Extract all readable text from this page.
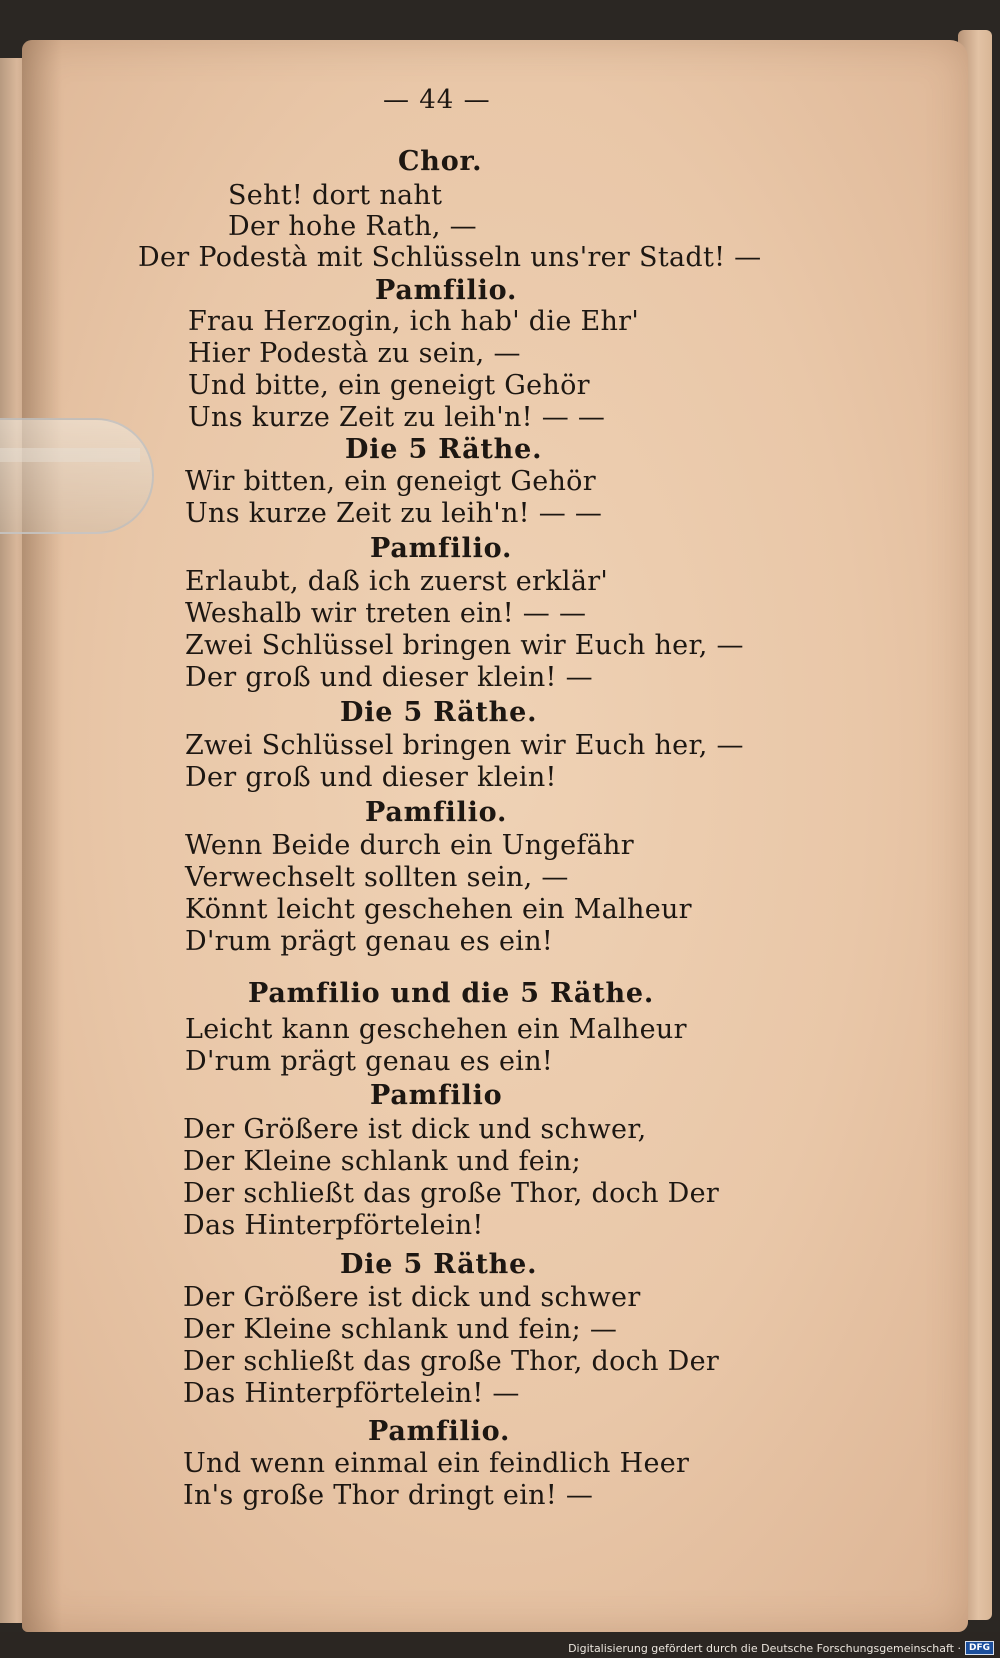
— 44 —
Chor.
Seht! dort naht
Der hohe Rath, —
Der Podestà mit Schlüsseln uns'rer Stadt! —
Pamfilio.
Frau Herzogin, ich hab' die Ehr'
Hier Podestà zu sein, —
Und bitte, ein geneigt Gehör
Uns kurze Zeit zu leih'n! — —
Die 5 Räthe.
Wir bitten, ein geneigt Gehör
Uns kurze Zeit zu leih'n! — —
Pamfilio.
Erlaubt, daß ich zuerst erklär'
Weshalb wir treten ein! — —
Zwei Schlüssel bringen wir Euch her, —
Der groß und dieser klein! —
Die 5 Räthe.
Zwei Schlüssel bringen wir Euch her, —
Der groß und dieser klein!
Pamfilio.
Wenn Beide durch ein Ungefähr
Verwechselt sollten sein, —
Könnt leicht geschehen ein Malheur
D'rum prägt genau es ein!
Pamfilio und die 5 Räthe.
Leicht kann geschehen ein Malheur
D'rum prägt genau es ein!
Pamfilio
Der Größere ist dick und schwer,
Der Kleine schlank und fein;
Der schließt das große Thor, doch Der
Das Hinterpförtelein!
Die 5 Räthe.
Der Größere ist dick und schwer
Der Kleine schlank und fein; —
Der schließt das große Thor, doch Der
Das Hinterpförtelein! —
Pamfilio.
Und wenn einmal ein feindlich Heer
In's große Thor dringt ein! —
Digitalisierung gefördert durch die Deutsche Forschungsgemeinschaft · DFG
